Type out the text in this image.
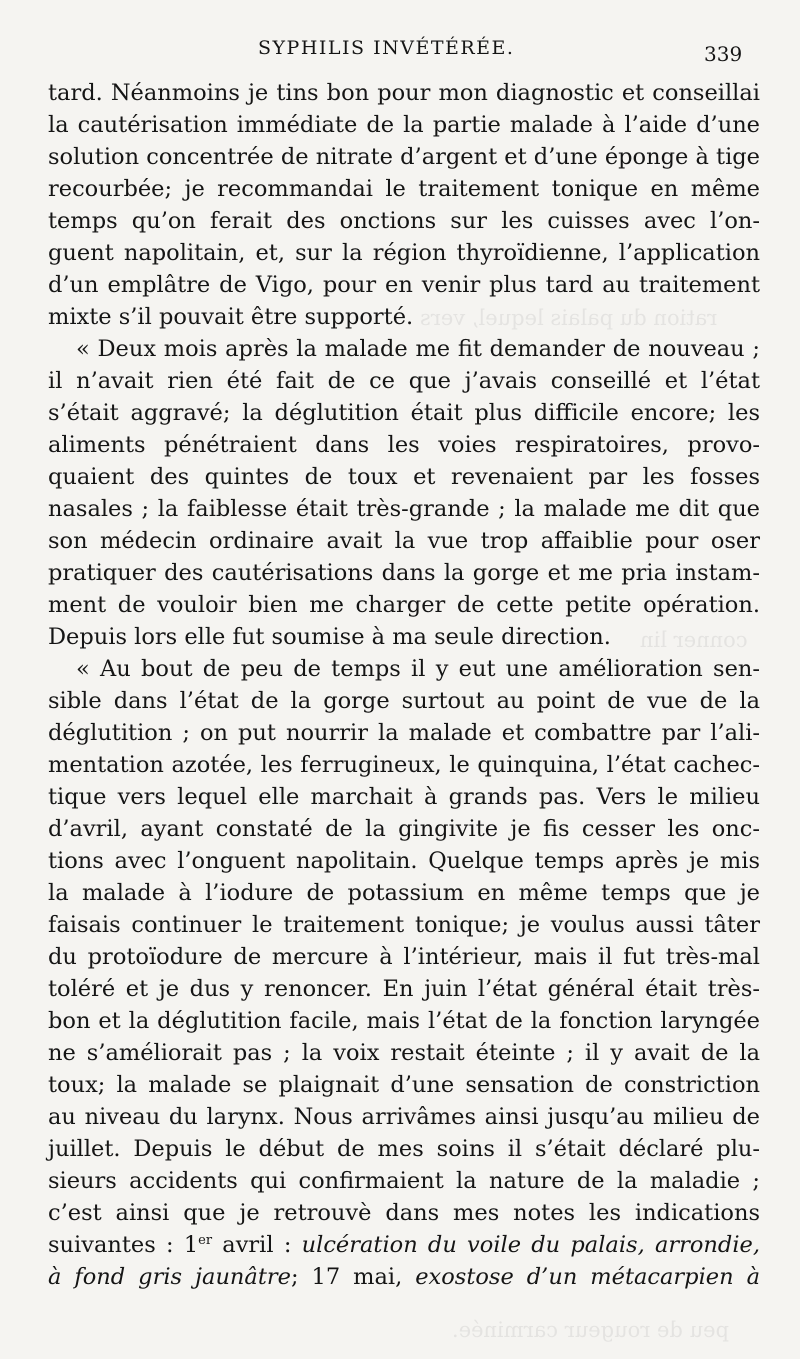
ration du palais lequel, vers
conner lin
peu de rougeur carminée.
SYPHILIS INVÉTÉRÉE.	339
tard. Néanmoins je tins bon pour mon diagnostic et conseillai
la cautérisation immédiate de la partie malade à l’aide d’une
solution concentrée de nitrate d’argent et d’une éponge à tige
recourbée; je recommandai le traitement tonique en même
temps qu’on ferait des onctions sur les cuisses avec l’on-
guent napolitain, et, sur la région thyroïdienne, l’application
d’un emplâtre de Vigo, pour en venir plus tard au traitement
mixte s’il pouvait être supporté.
« Deux mois après la malade me fit demander de nouveau ;
il n’avait rien été fait de ce que j’avais conseillé et l’état
s’était aggravé; la déglutition était plus difficile encore; les
aliments pénétraient dans les voies respiratoires, provo-
quaient des quintes de toux et revenaient par les fosses
nasales ; la faiblesse était très-grande ; la malade me dit que
son médecin ordinaire avait la vue trop affaiblie pour oser
pratiquer des cautérisations dans la gorge et me pria instam-
ment de vouloir bien me charger de cette petite opération.
Depuis lors elle fut soumise à ma seule direction.
« Au bout de peu de temps il y eut une amélioration sen-
sible dans l’état de la gorge surtout au point de vue de la
déglutition ; on put nourrir la malade et combattre par l’ali-
mentation azotée, les ferrugineux, le quinquina, l’état cachec-
tique vers lequel elle marchait à grands pas. Vers le milieu
d’avril, ayant constaté de la gingivite je fis cesser les onc-
tions avec l’onguent napolitain. Quelque temps après je mis
la malade à l’iodure de potassium en même temps que je
faisais continuer le traitement tonique; je voulus aussi tâter
du protoïodure de mercure à l’intérieur, mais il fut très-mal
toléré et je dus y renoncer. En juin l’état général était très-
bon et la déglutition facile, mais l’état de la fonction laryngée
ne s’améliorait pas ; la voix restait éteinte ; il y avait de la
toux; la malade se plaignait d’une sensation de constriction
au niveau du larynx. Nous arrivâmes ainsi jusqu’au milieu de
juillet. Depuis le début de mes soins il s’était déclaré plu-
sieurs accidents qui confirmaient la nature de la maladie ;
c’est ainsi que je retrouvè dans mes notes les indications
suivantes : 1er avril : ulcération du voile du palais, arrondie,
à fond gris jaunâtre; 17 mai, exostose d’un métacarpien à
